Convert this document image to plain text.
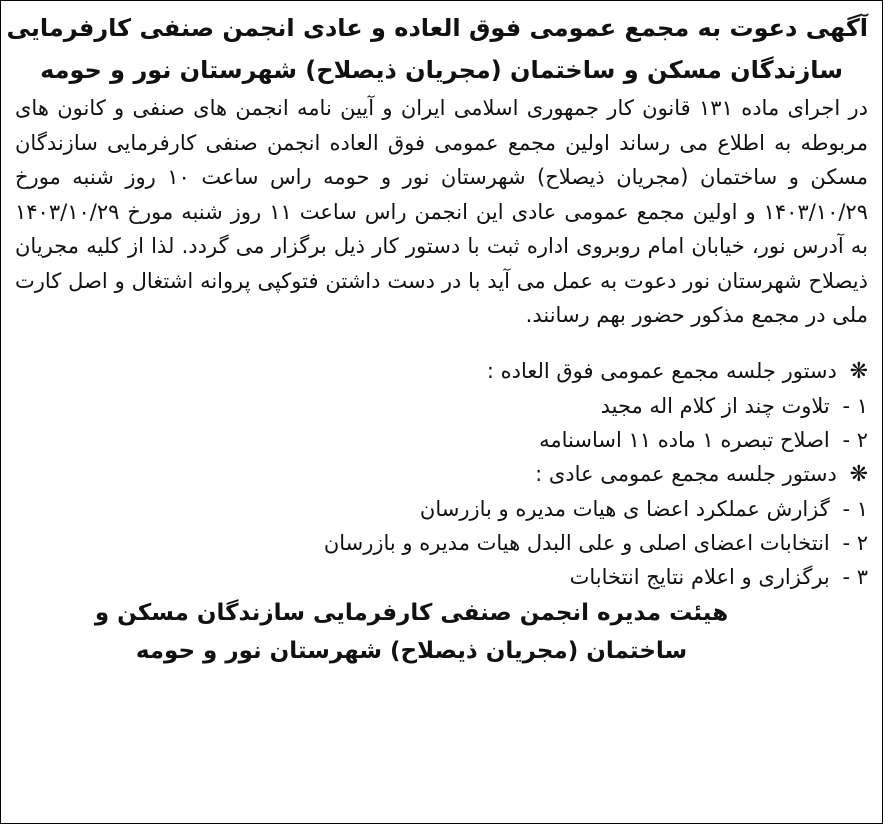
آگهی دعوت به مجمع عمومی فوق العاده و عادی انجمن صنفی کارفرمایی
سازندگان مسکن و ساختمان (مجریان ذیصلاح) شهرستان نور و حومه

در اجرای ماده ۱۳۱ قانون کار جمهوری اسلامی ایران و آیین نامه انجمن های صنفی و کانون های مربوطه به اطلاع می رساند اولین مجمع عمومی فوق العاده انجمن صنفی کارفرمایی سازندگان مسکن و ساختمان (مجریان ذیصلاح) شهرستان نور و حومه راس ساعت ۱۰ روز شنبه مورخ ۱۴۰۳/۱۰/۲۹ و اولین مجمع عمومی عادی این انجمن راس ساعت ۱۱ روز شنبه مورخ ۱۴۰۳/۱۰/۲۹ به آدرس نور، خیابان امام روبروی اداره ثبت با دستور کار ذیل برگزار می گردد. لذا از کلیه مجریان ذیصلاح شهرستان نور دعوت به عمل می آید با در دست داشتن فتوکپی پروانه اشتغال و اصل کارت ملی در مجمع مذکور حضور بهم رسانند.

❋ دستور جلسه مجمع عمومی فوق العاده :
۱ - تلاوت چند از کلام اله مجید
۲ - اصلاح تبصره ۱ ماده ۱۱ اساسنامه
❋ دستور جلسه مجمع عمومی عادی :
۱ - گزارش عملکرد اعضا ی هیات مدیره و بازرسان
۲ - انتخابات اعضای اصلی و علی البدل هیات مدیره و بازرسان
۳ - برگزاری و اعلام نتایج انتخابات
هیئت مدیره انجمن صنفی کارفرمایی سازندگان مسکن و
ساختمان (مجریان ذیصلاح) شهرستان نور و حومه
